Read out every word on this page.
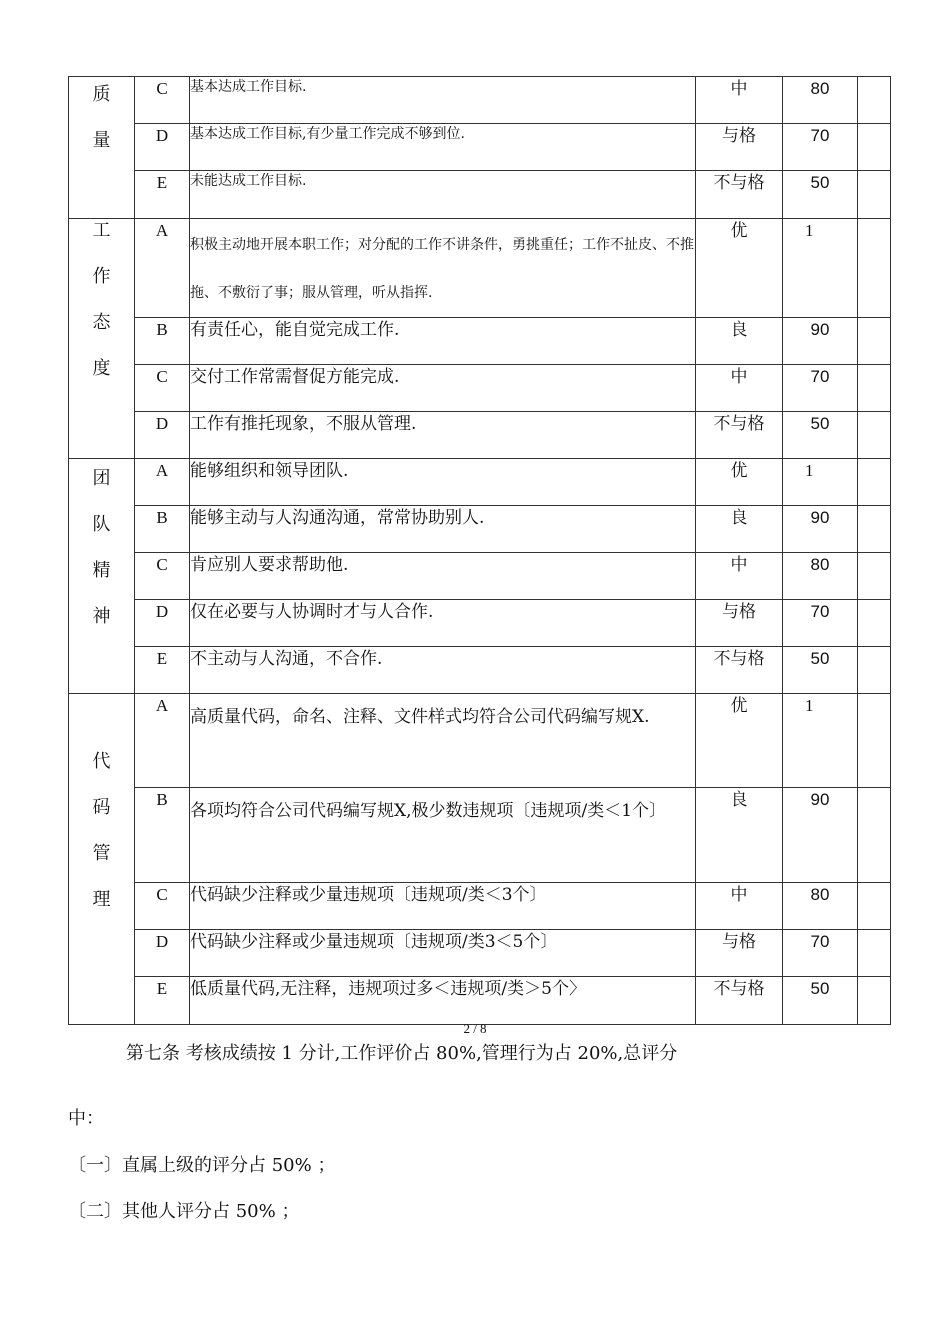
质
量	C	基本达成工作目标.	中	80	
	D	基本达成工作目标,有少量工作完成不够到位.	与格	70	
	E	未能达成工作目标.	不与格	50	

工
作
态
度	A	积极主动地开展本职工作；对分配的工作不讲条件，勇挑重任；工作不扯皮、不推拖、不敷衍了事；服从管理，听从指挥.	优	1	
	B	有责任心，能自觉完成工作.	良	90	
	C	交付工作常需督促方能完成.	中	70	
	D	工作有推托现象，不服从管理.	不与格	50	

团
队
精
神	A	能够组织和领导团队.	优	1	
	B	能够主动与人沟通沟通，常常协助别人.	良	90	
	C	肯应别人要求帮助他.	中	80	
	D	仅在必要与人协调时才与人合作.	与格	70	
	E	不主动与人沟通，不合作.	不与格	50	

代
码
管
理	A	高质量代码，命名、注释、文件样式均符合公司代码编写规X.	优	1	
	B	各项均符合公司代码编写规X,极少数违规项〔违规项/类＜1个〕	良	90	
	C	代码缺少注释或少量违规项〔违规项/类＜3个〕	中	80	
	D	代码缺少注释或少量违规项〔违规项/类3＜5个〕	与格	70	
	E	低质量代码,无注释，违规项过多＜违规项/类＞5个〉	不与格	50	
2 / 8
第七条 考核成绩按 1 分计,工作评价占 80%,管理行为占 20%,总评分
中：
〔一〕直属上级的评分占 50% ；
〔二〕其他人评分占 50% ；
